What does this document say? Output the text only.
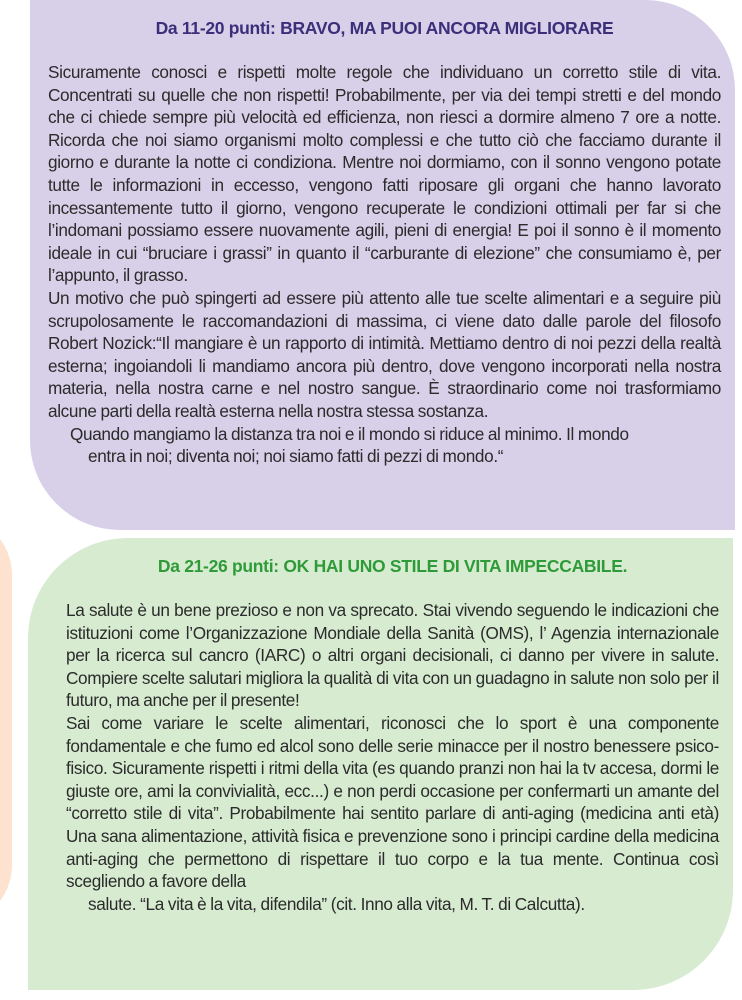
Da 11-20 punti: BRAVO, MA PUOI ANCORA MIGLIORARE

Sicuramente conosci e rispetti molte regole che individuano un corretto stile di vita. Concentrati su quelle che non rispetti! Probabilmente, per via dei tempi stretti e del mondo che ci chiede sempre più velocità ed efficienza, non riesci a dormire almeno 7 ore a notte. Ricorda che noi siamo organismi molto complessi e che tutto ciò che facciamo durante il giorno e durante la notte ci condiziona. Mentre noi dormiamo, con il sonno vengono potate tutte le informazioni in eccesso, vengono fatti riposare gli organi che hanno lavorato incessantemente tutto il giorno, vengono recuperate le condizioni ottimali per far si che l’indomani possiamo essere nuovamente agili, pieni di energia! E poi il sonno è il momento ideale in cui “bruciare i grassi” in quanto il “carburante di elezione” che consumiamo è, per l’appunto, il grasso.

Un motivo che può spingerti ad essere più attento alle tue scelte alimentari e a seguire più scrupolosamente le raccomandazioni di massima, ci viene dato dalle parole del filosofo Robert Nozick:“Il mangiare è un rapporto di intimità. Mettiamo dentro di noi pezzi della realtà esterna; ingoiandoli li mandiamo ancora più dentro, dove vengono incorporati nella nostra materia, nella nostra carne e nel nostro sangue. È straordinario come noi trasformiamo alcune parti della realtà esterna nella nostra stessa sostanza.

Quando mangiamo la distanza tra noi e il mondo si riduce al minimo. Il mondo

entra in noi; diventa noi; noi siamo fatti di pezzi di mondo.“

Da 21-26 punti: OK HAI UNO STILE DI VITA IMPECCABILE.

La salute è un bene prezioso e non va sprecato. Stai vivendo seguendo le indicazioni che istituzioni come l’Organizzazione Mondiale della Sanità (OMS), l’ Agenzia internazionale per la ricerca sul cancro (IARC) o altri organi decisionali, ci danno per vivere in salute. Compiere scelte salutari migliora la qualità di vita con un guadagno in salute non solo per il futuro, ma anche per il presente!

Sai come variare le scelte alimentari, riconosci che lo sport è una componente fondamentale e che fumo ed alcol sono delle serie minacce per il nostro benessere psico-fisico. Sicuramente rispetti i ritmi della vita (es quando pranzi non hai la tv accesa, dormi le giuste ore, ami la convivialità, ecc...) e non perdi occasione per confermarti un amante del “corretto stile di vita”. Probabilmente hai sentito parlare di anti-aging (medicina anti età) Una sana alimentazione, attività fisica e prevenzione sono i principi cardine della medicina anti-aging che permettono di rispettare il tuo corpo e la tua mente. Continua così scegliendo a favore della

salute. “La vita è la vita, difendila” (cit. Inno alla vita, M. T. di Calcutta).
